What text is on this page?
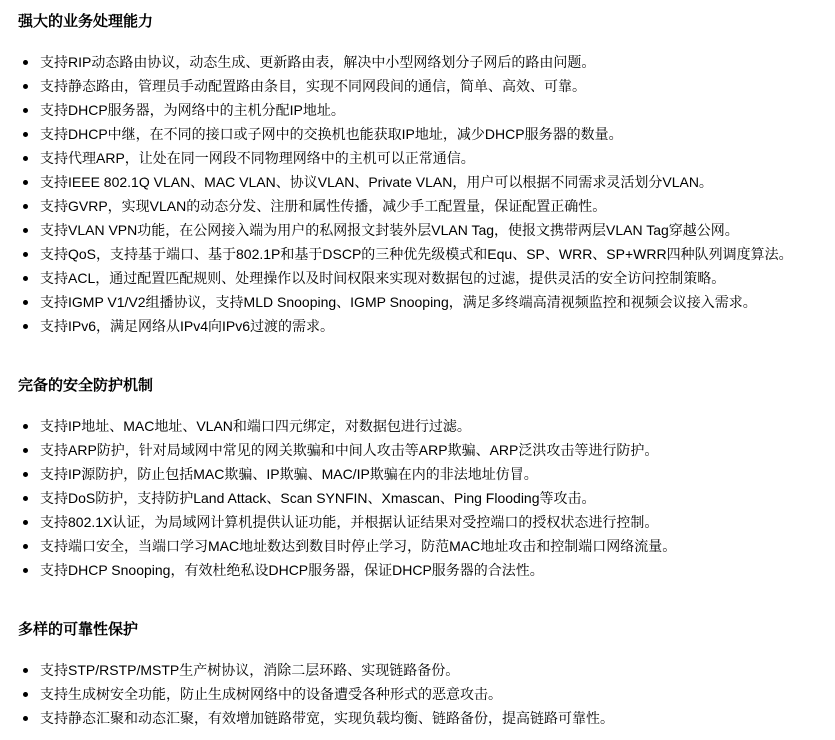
强大的业务处理能力
支持RIP动态路由协议，动态生成、更新路由表，解决中小型网络划分子网后的路由问题。
支持静态路由，管理员手动配置路由条目，实现不同网段间的通信，简单、高效、可靠。
支持DHCP服务器，为网络中的主机分配IP地址。
支持DHCP中继，在不同的接口或子网中的交换机也能获取IP地址，减少DHCP服务器的数量。
支持代理ARP，让处在同一网段不同物理网络中的主机可以正常通信。
支持IEEE 802.1Q VLAN、MAC VLAN、协议VLAN、Private VLAN，用户可以根据不同需求灵活划分VLAN。
支持GVRP，实现VLAN的动态分发、注册和属性传播，减少手工配置量，保证配置正确性。
支持VLAN VPN功能，在公网接入端为用户的私网报文封装外层VLAN Tag，使报文携带两层VLAN Tag穿越公网。
支持QoS，支持基于端口、基于802.1P和基于DSCP的三种优先级模式和Equ、SP、WRR、SP+WRR四种队列调度算法。
支持ACL，通过配置匹配规则、处理操作以及时间权限来实现对数据包的过滤，提供灵活的安全访问控制策略。
支持IGMP V1/V2组播协议，支持MLD Snooping、IGMP Snooping，满足多终端高清视频监控和视频会议接入需求。
支持IPv6，满足网络从IPv4向IPv6过渡的需求。
完备的安全防护机制
支持IP地址、MAC地址、VLAN和端口四元绑定，对数据包进行过滤。
支持ARP防护，针对局域网中常见的网关欺骗和中间人攻击等ARP欺骗、ARP泛洪攻击等进行防护。
支持IP源防护，防止包括MAC欺骗、IP欺骗、MAC/IP欺骗在内的非法地址仿冒。
支持DoS防护，支持防护Land Attack、Scan SYNFIN、Xmascan、Ping Flooding等攻击。
支持802.1X认证，为局域网计算机提供认证功能，并根据认证结果对受控端口的授权状态进行控制。
支持端口安全，当端口学习MAC地址数达到数目时停止学习，防范MAC地址攻击和控制端口网络流量。
支持DHCP Snooping，有效杜绝私设DHCP服务器，保证DHCP服务器的合法性。
多样的可靠性保护
支持STP/RSTP/MSTP生产树协议，消除二层环路、实现链路备份。
支持生成树安全功能，防止生成树网络中的设备遭受各种形式的恶意攻击。
支持静态汇聚和动态汇聚，有效增加链路带宽，实现负载均衡、链路备份，提高链路可靠性。
